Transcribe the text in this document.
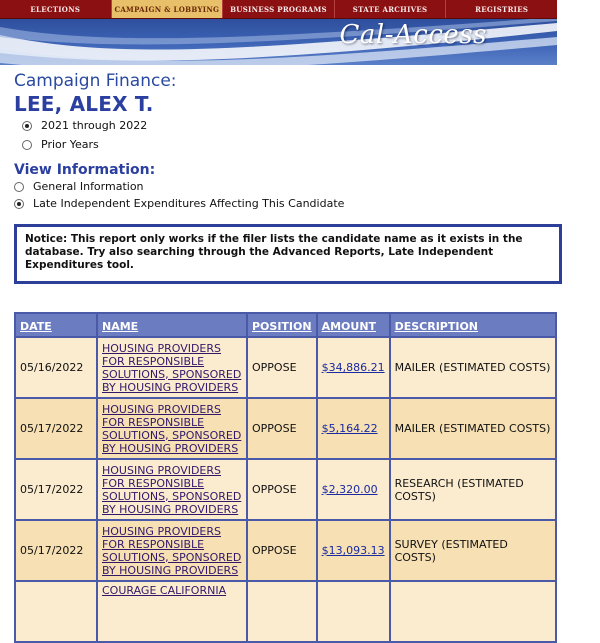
ELECTIONS	CAMPAIGN & LOBBYING	BUSINESS PROGRAMS	STATE ARCHIVES	REGISTRIES
Cal-Access
Campaign Finance:
LEE, ALEX T.
2021 through 2022
Prior Years
View Information:
General Information
Late Independent Expenditures Affecting This Candidate
Notice: This report only works if the filer lists the candidate name as it exists in the database. Try also searching through the Advanced Reports, Late Independent Expenditures tool.
DATE	NAME	POSITION	AMOUNT	DESCRIPTION
05/16/2022	HOUSING PROVIDERS FOR RESPONSIBLE SOLUTIONS, SPONSORED BY HOUSING PROVIDERS	OPPOSE	$34,886.21	MAILER (ESTIMATED COSTS)
05/17/2022	HOUSING PROVIDERS FOR RESPONSIBLE SOLUTIONS, SPONSORED BY HOUSING PROVIDERS	OPPOSE	$5,164.22	MAILER (ESTIMATED COSTS)
05/17/2022	HOUSING PROVIDERS FOR RESPONSIBLE SOLUTIONS, SPONSORED BY HOUSING PROVIDERS	OPPOSE	$2,320.00	RESEARCH (ESTIMATED COSTS)
05/17/2022	HOUSING PROVIDERS FOR RESPONSIBLE SOLUTIONS, SPONSORED BY HOUSING PROVIDERS	OPPOSE	$13,093.13	SURVEY (ESTIMATED COSTS)

	COURAGE CALIFORNIA			
